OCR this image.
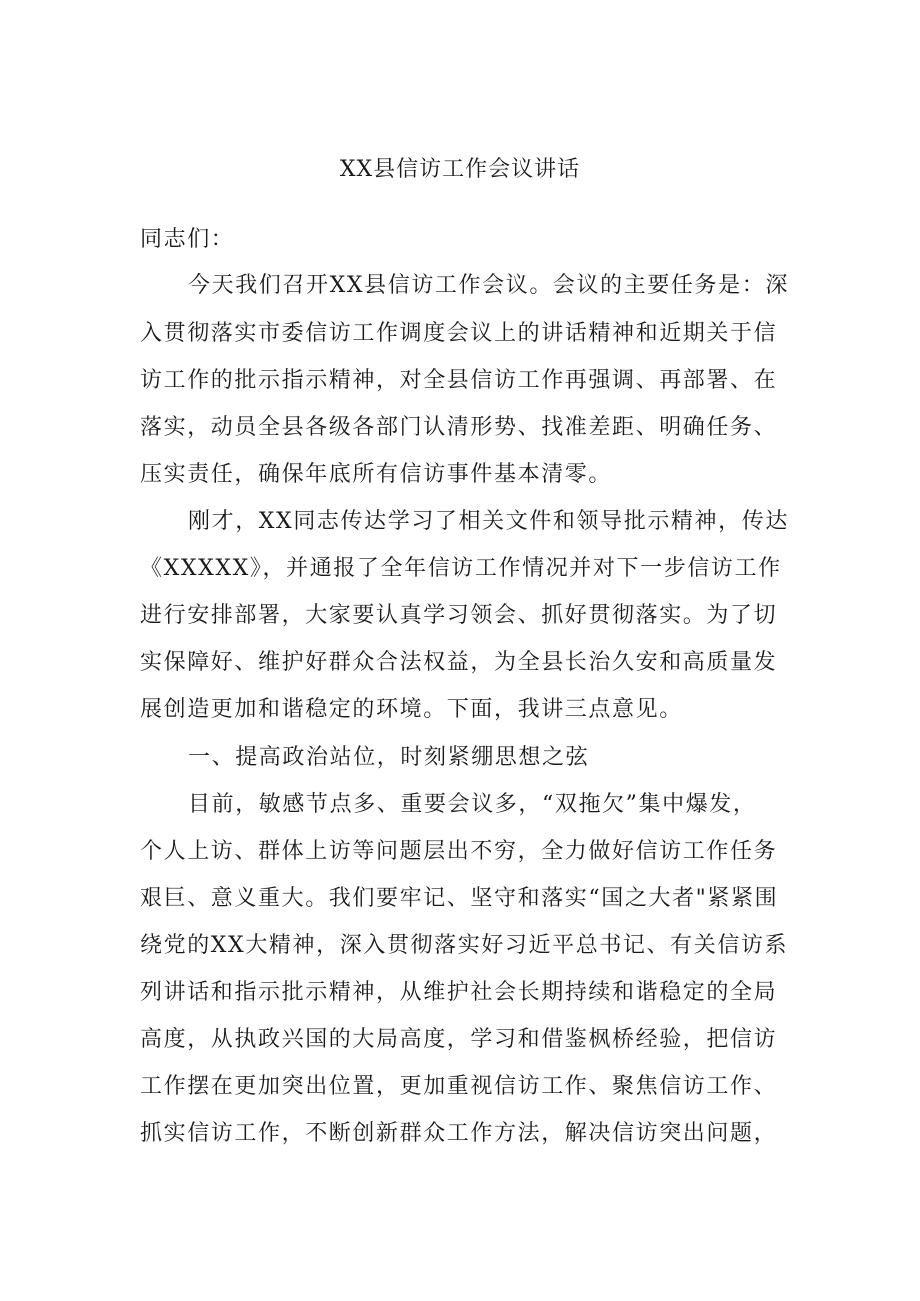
XX县信访工作会议讲话
同志们：
今天我们召开XX县信访工作会议。会议的主要任务是：深
入贯彻落实市委信访工作调度会议上的讲话精神和近期关于信
访工作的批示指示精神，对全县信访工作再强调、再部署、在
落实，动员全县各级各部门认清形势、找准差距、明确任务、
压实责任，确保年底所有信访事件基本清零。
刚才，XX同志传达学习了相关文件和领导批示精神，传达
《XXXXX》，并通报了全年信访工作情况并对下一步信访工作
进行安排部署，大家要认真学习领会、抓好贯彻落实。为了切
实保障好、维护好群众合法权益，为全县长治久安和高质量发
展创造更加和谐稳定的环境。下面，我讲三点意见。
一、提高政治站位，时刻紧绷思想之弦
目前，敏感节点多、重要会议多，“双拖欠”集中爆发，
个人上访、群体上访等问题层出不穷，全力做好信访工作任务
艰巨、意义重大。我们要牢记、坚守和落实“国之大者"紧紧围
绕党的XX大精神，深入贯彻落实好习近平总书记、有关信访系
列讲话和指示批示精神，从维护社会长期持续和谐稳定的全局
高度，从执政兴国的大局高度，学习和借鉴枫桥经验，把信访
工作摆在更加突出位置，更加重视信访工作、聚焦信访工作、
抓实信访工作，不断创新群众工作方法，解决信访突出问题，
